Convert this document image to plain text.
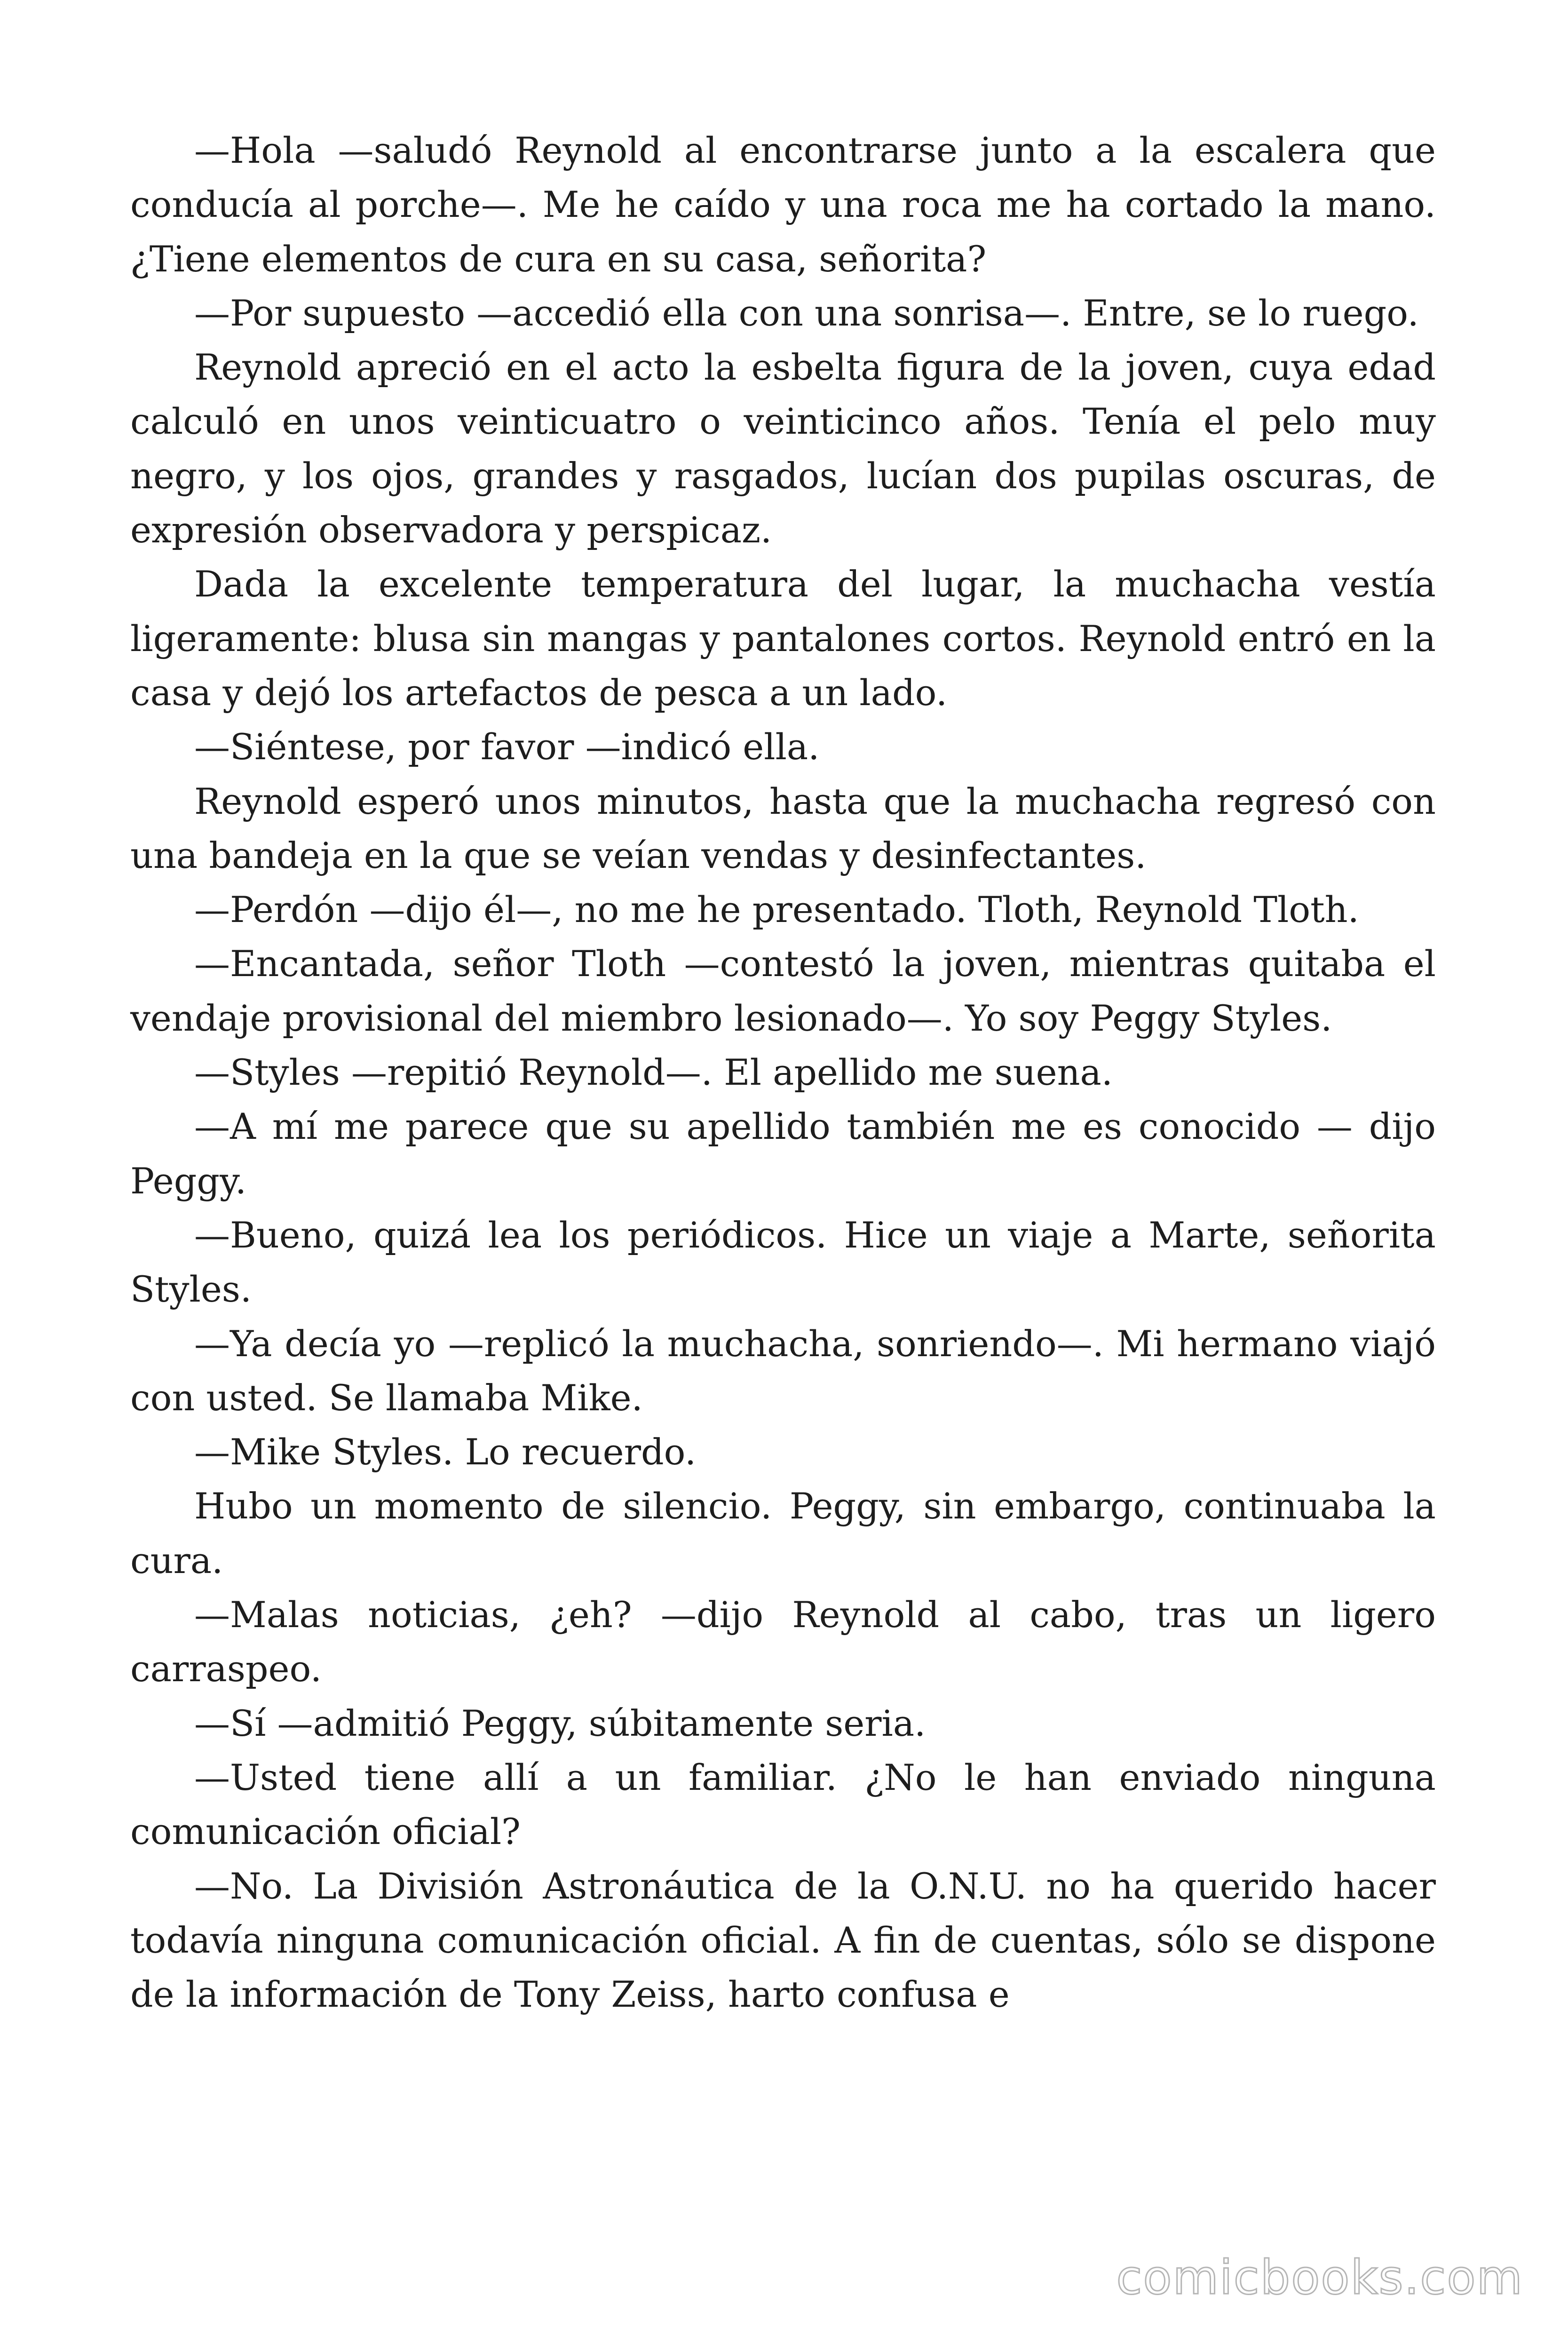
—Hola —saludó Reynold al encontrarse junto a la escalera que conducía al porche—. Me he caído y una roca me ha cortado la mano. ¿Tiene elementos de cura en su casa, señorita?

—Por supuesto —accedió ella con una sonrisa—. Entre, se lo ruego.

Reynold apreció en el acto la esbelta figura de la joven, cuya edad calculó en unos veinticuatro o veinticinco años. Tenía el pelo muy negro, y los ojos, grandes y rasgados, lucían dos pupilas oscuras, de expresión observadora y perspicaz.

Dada la excelente temperatura del lugar, la muchacha vestía ligeramente: blusa sin mangas y pantalones cortos. Reynold entró en la casa y dejó los artefactos de pesca a un lado.

—Siéntese, por favor —indicó ella.

Reynold esperó unos minutos, hasta que la muchacha regresó con una bandeja en la que se veían vendas y desinfectantes.

—Perdón —dijo él—, no me he presentado. Tloth, Reynold Tloth.

—Encantada, señor Tloth —contestó la joven, mientras quitaba el vendaje provisional del miembro lesionado—. Yo soy Peggy Styles.

—Styles —repitió Reynold—. El apellido me suena.

—A mí me parece que su apellido también me es conocido — dijo Peggy.

—Bueno, quizá lea los periódicos. Hice un viaje a Marte, señorita Styles.

—Ya decía yo —replicó la muchacha, sonriendo—. Mi hermano viajó con usted. Se llamaba Mike.

—Mike Styles. Lo recuerdo.

Hubo un momento de silencio. Peggy, sin embargo, continuaba la cura.

—Malas noticias, ¿eh? —dijo Reynold al cabo, tras un ligero carraspeo.

—Sí —admitió Peggy, súbitamente seria.

—Usted tiene allí a un familiar. ¿No le han enviado ninguna comunicación oficial?

—No. La División Astronáutica de la O.N.U. no ha querido hacer todavía ninguna comunicación oficial. A fin de cuentas, sólo se dispone de la información de Tony Zeiss, harto confusa e

comicbooks.com
